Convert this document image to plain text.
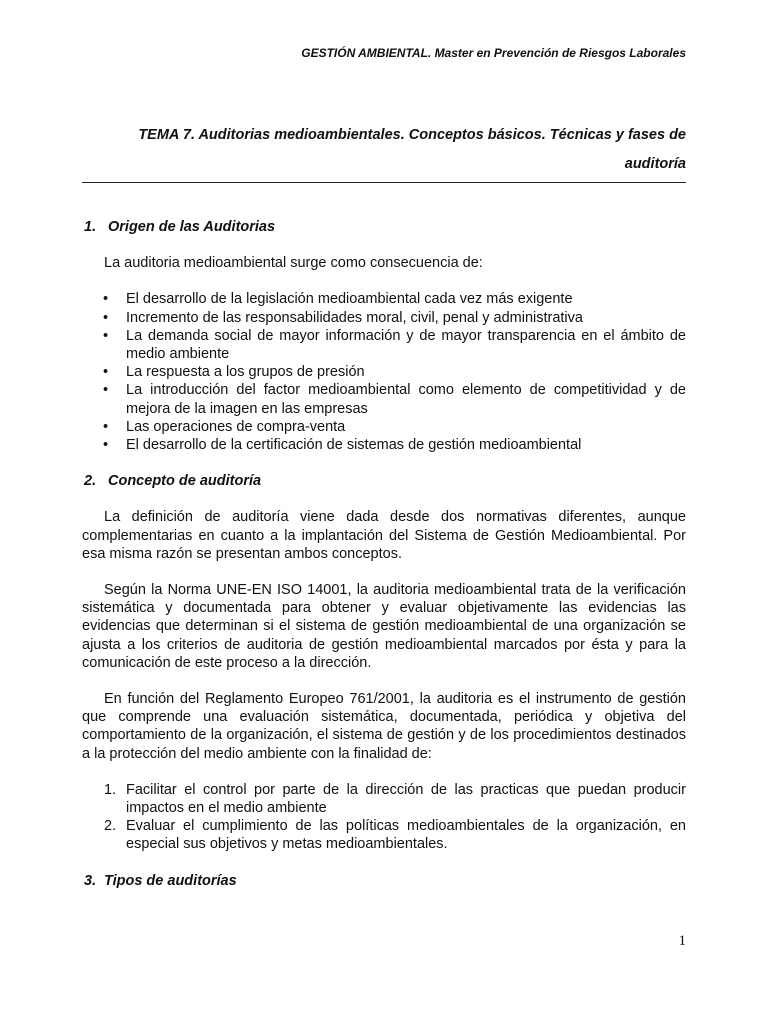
GESTIÓN AMBIENTAL. Master en Prevención de Riesgos Laborales
TEMA 7. Auditorias medioambientales. Conceptos básicos. Técnicas y fases de
auditoría

1. Origen de las Auditorias

La auditoria medioambiental surge como consecuencia de:

• El desarrollo de la legislación medioambiental cada vez más exigente
• Incremento de las responsabilidades moral, civil, penal y administrativa
• La demanda social de mayor información y de mayor transparencia en el ámbito de medio ambiente
• La respuesta a los grupos de presión
• La introducción del factor medioambiental como elemento de competitividad y de mejora de la imagen en las empresas
• Las operaciones de compra-venta
• El desarrollo de la certificación de sistemas de gestión medioambiental

2. Concepto de auditoría

La definición de auditoría viene dada desde dos normativas diferentes, aunque complementarias en cuanto a la implantación del Sistema de Gestión Medioambiental. Por esa misma razón se presentan ambos conceptos.

Según la Norma UNE-EN ISO 14001, la auditoria medioambiental trata de la verificación sistemática y documentada para obtener y evaluar objetivamente las evidencias las evidencias que determinan si el sistema de gestión medioambiental de una organización se ajusta a los criterios de auditoria de gestión medioambiental marcados por ésta y para la comunicación de este proceso a la dirección.

En función del Reglamento Europeo 761/2001, la auditoria es el instrumento de gestión que comprende una evaluación sistemática, documentada, periódica y objetiva del comportamiento de la organización, el sistema de gestión y de los procedimientos destinados a la protección del medio ambiente con la finalidad de:

1. Facilitar el control por parte de la dirección de las practicas que puedan producir impactos en el medio ambiente
2. Evaluar el cumplimiento de las políticas medioambientales de la organización, en especial sus objetivos y metas medioambientales.

3. Tipos de auditorías

1
